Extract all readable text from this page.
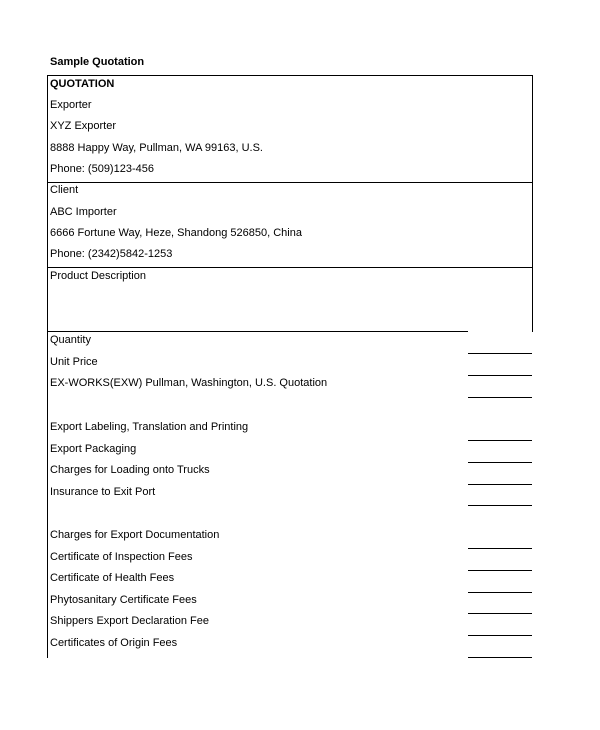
Sample Quotation
QUOTATION
Exporter
XYZ Exporter
8888 Happy Way, Pullman, WA 99163, U.S.
Phone: (509)123-456
Client
ABC Importer
6666 Fortune Way, Heze, Shandong 526850, China
Phone: (2342)5842-1253
Product Description
Quantity
Unit Price
EX-WORKS(EXW) Pullman, Washington, U.S. Quotation
Export Labeling, Translation and Printing
Export Packaging
Charges for Loading onto Trucks
Insurance to Exit Port
Charges for Export Documentation
Certificate of Inspection Fees
Certificate of Health Fees
Phytosanitary Certificate Fees
Shippers Export Declaration Fee
Certificates of Origin Fees
